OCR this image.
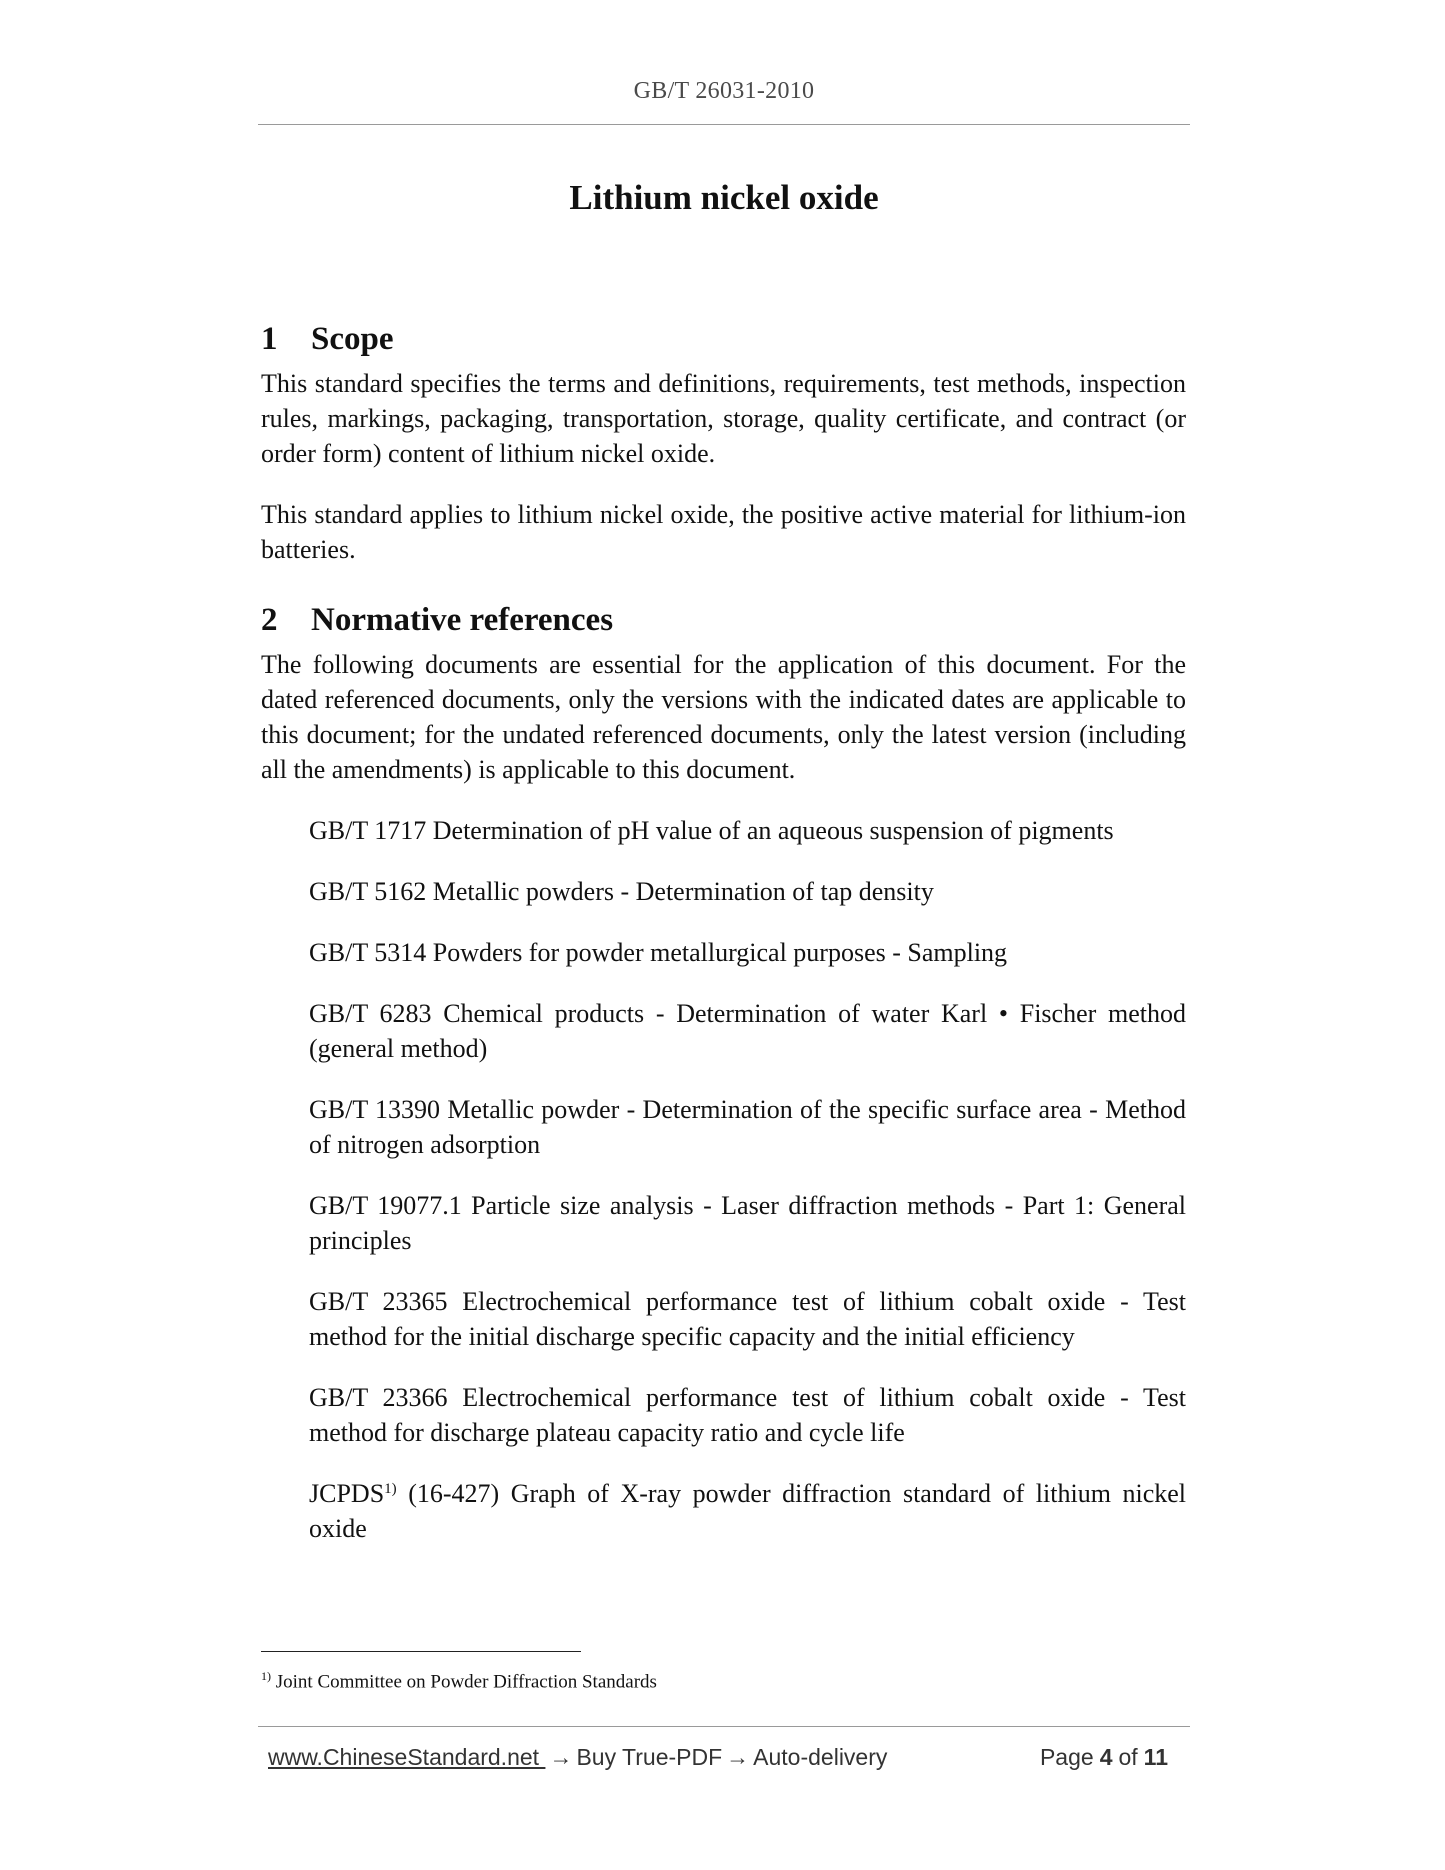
GB/T 26031-2010
Lithium nickel oxide
1 Scope

This standard specifies the terms and definitions, requirements, test methods, inspection rules, markings, packaging, transportation, storage, quality certificate, and contract (or order form) content of lithium nickel oxide.

This standard applies to lithium nickel oxide, the positive active material for lithium-ion batteries.

2 Normative references

The following documents are essential for the application of this document. For the dated referenced documents, only the versions with the indicated dates are applicable to this document; for the undated referenced documents, only the latest version (including all the amendments) is applicable to this document.

GB/T 1717 Determination of pH value of an aqueous suspension of pigments

GB/T 5162 Metallic powders - Determination of tap density

GB/T 5314 Powders for powder metallurgical purposes - Sampling

GB/T 6283 Chemical products - Determination of water Karl • Fischer method (general method)

GB/T 13390 Metallic powder - Determination of the specific surface area - Method of nitrogen adsorption

GB/T 19077.1 Particle size analysis - Laser diffraction methods - Part 1: General principles

GB/T 23365 Electrochemical performance test of lithium cobalt oxide - Test method for the initial discharge specific capacity and the initial efficiency

GB/T 23366 Electrochemical performance test of lithium cobalt oxide - Test method for discharge plateau capacity ratio and cycle life

JCPDS$^{1)}$ (16-427) Graph of X-ray powder diffraction standard of lithium nickel oxide

$^{1)}$ Joint Committee on Powder Diffraction Standards
www.ChineseStandard.net → Buy True-PDF → Auto-delivery	Page 4 of 11
